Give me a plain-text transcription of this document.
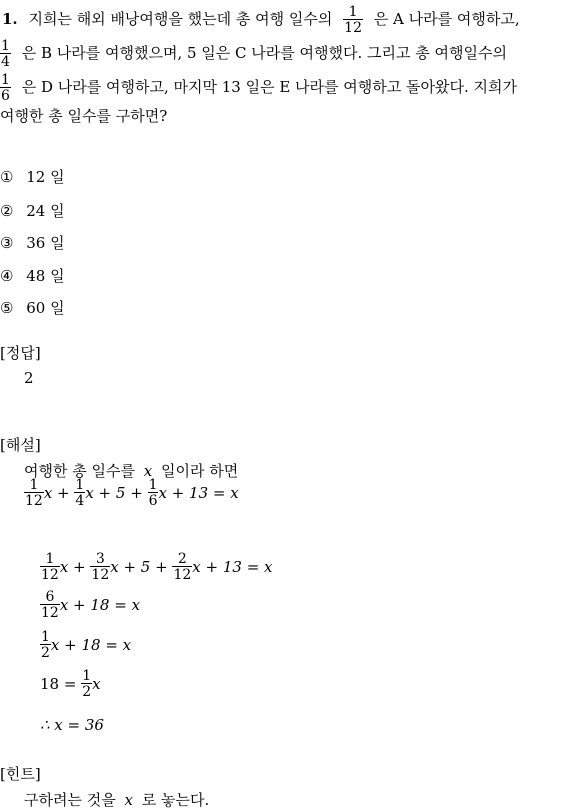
1. 지희는 해외 배낭여행을 했는데 총 여행 일수의 $\frac{1}{12}$ 은 A 나라를 여행하고,
$\frac{1}{4}$ 은 B 나라를 여행했으며, 5 일은 C 나라를 여행했다. 그리고 총 여행일수의
$\frac{1}{6}$ 은 D 나라를 여행하고, 마지막 13 일은 E 나라를 여행하고 돌아왔다. 지희가
여행한 총 일수를 구하면?
① 12 일
② 24 일
③ 36 일
④ 48 일
⑤ 60 일
[정답]
2
[해설]
여행한 총 일수를 x 일이라 하면
$\frac{1}{12}$ $x + \frac{1}{4}$ $x + 5 + \frac{1}{6}$ x + 13 = x
$\frac{1}{12}$ $x + \frac{3}{12}$ $x + 5 + \frac{2}{12}$ x + 13 = x
$\frac{6}{12}$ x + 18 = x
$\frac{1}{2}$ x + 18 = x
$18 = \frac{1}{2}$ x
∴ x = 36
[힌트]
구하려는 것을 x 로 놓는다.
